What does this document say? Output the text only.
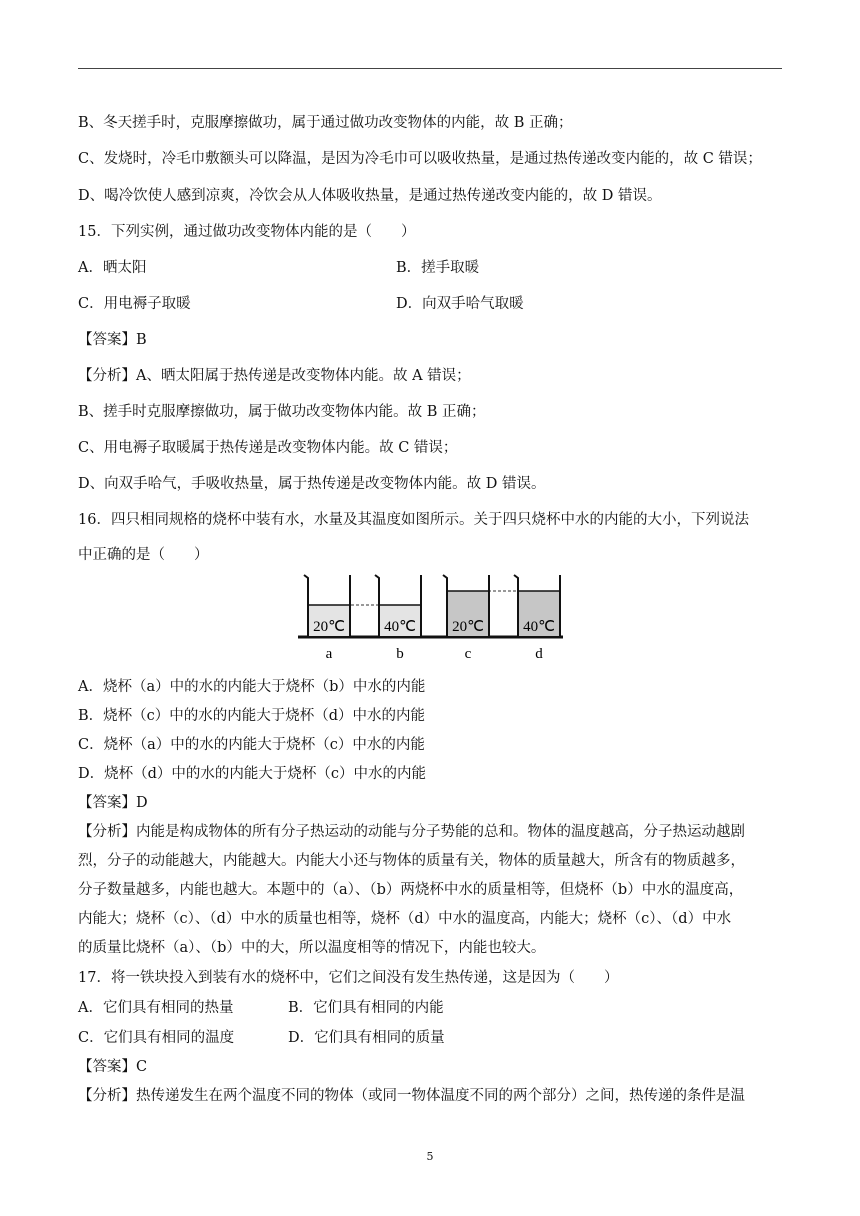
B、冬天搓手时，克服摩擦做功，属于通过做功改变物体的内能，故 B 正确；
C、发烧时，冷毛巾敷额头可以降温，是因为冷毛巾可以吸收热量，是通过热传递改变内能的，故 C 错误；
D、喝冷饮使人感到凉爽，冷饮会从人体吸收热量，是通过热传递改变内能的，故 D 错误。
15．下列实例，通过做功改变物体内能的是（　　）
A．晒太阳	B．搓手取暖
C．用电褥子取暖	D．向双手哈气取暖
【答案】B
【分析】A、晒太阳属于热传递是改变物体内能。故 A 错误；
B、搓手时克服摩擦做功，属于做功改变物体内能。故 B 正确；
C、用电褥子取暖属于热传递是改变物体内能。故 C 错误；
D、向双手哈气，手吸收热量，属于热传递是改变物体内能。故 D 错误。
16．四只相同规格的烧杯中装有水，水量及其温度如图所示。关于四只烧杯中水的内能的大小，下列说法
中正确的是（　　）
20℃	40℃ 20℃	40℃
a	b	c	d
A．烧杯（a）中的水的内能大于烧杯（b）中水的内能
B．烧杯（c）中的水的内能大于烧杯（d）中水的内能
C．烧杯（a）中的水的内能大于烧杯（c）中水的内能
D．烧杯（d）中的水的内能大于烧杯（c）中水的内能
【答案】D
【分析】内能是构成物体的所有分子热运动的动能与分子势能的总和。物体的温度越高，分子热运动越剧
烈，分子的动能越大，内能越大。内能大小还与物体的质量有关，物体的质量越大，所含有的物质越多，
分子数量越多，内能也越大。本题中的（a）、（b）两烧杯中水的质量相等，但烧杯（b）中水的温度高，
内能大；烧杯（c）、（d）中水的质量也相等，烧杯（d）中水的温度高，内能大；烧杯（c）、（d）中水
的质量比烧杯（a）、（b）中的大，所以温度相等的情况下，内能也较大。
17．将一铁块投入到装有水的烧杯中，它们之间没有发生热传递，这是因为（　　）
A．它们具有相同的热量	B．它们具有相同的内能
C．它们具有相同的温度	D．它们具有相同的质量
【答案】C
【分析】热传递发生在两个温度不同的物体（或同一物体温度不同的两个部分）之间，热传递的条件是温
5
